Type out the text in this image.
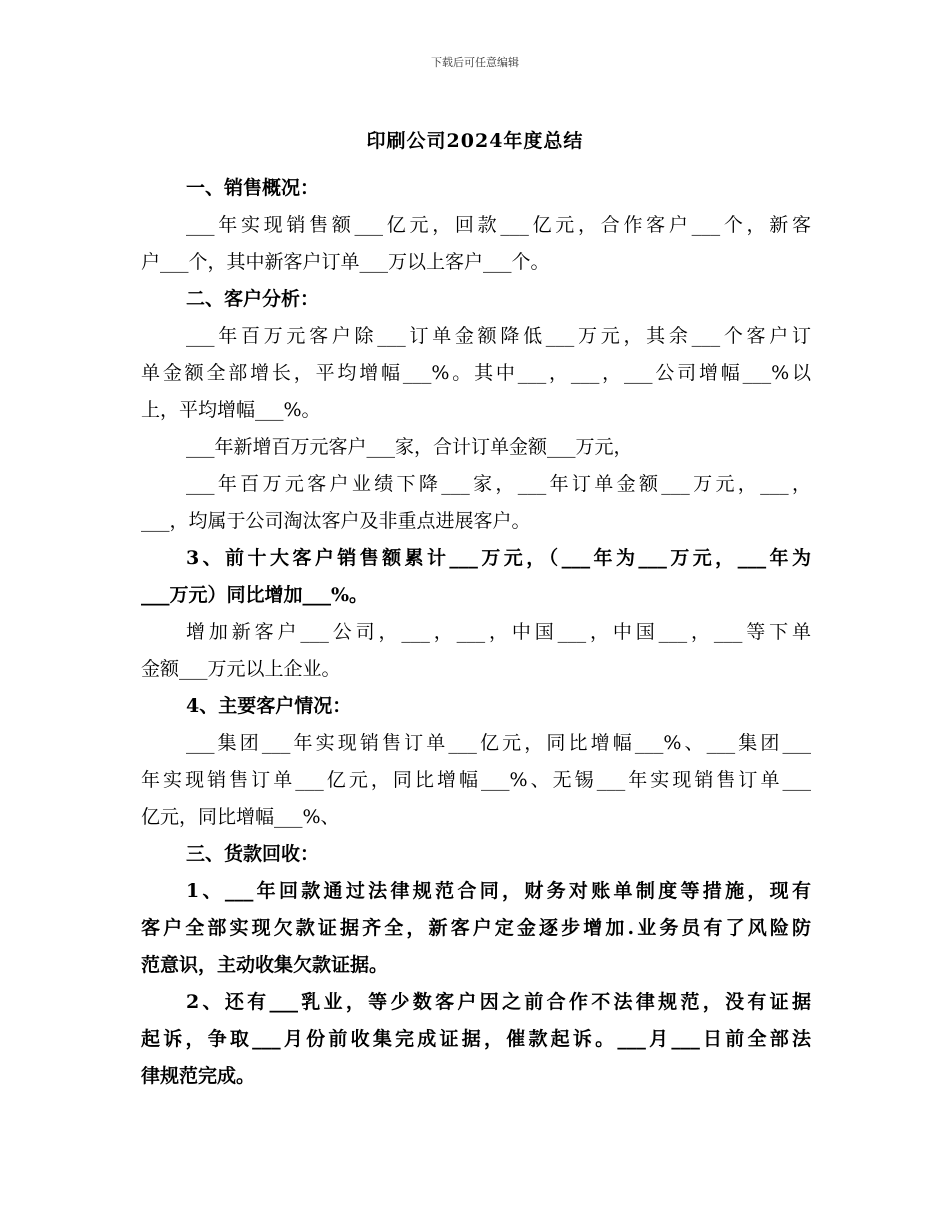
下载后可任意编辑
印刷公司2024年度总结
一、销售概况：
___年实现销售额___亿元，回款___亿元，合作客户___个，新客
户___个，其中新客户订单___万以上客户___个。
二、客户分析：
___年百万元客户除___订单金额降低___万元，其余___个客户订
单金额全部增长，平均增幅___%。其中___，___，___公司增幅___%以
上，平均增幅___%。
___年新增百万元客户___家，合计订单金额___万元，
___年百万元客户业绩下降___家，___年订单金额___万元，___，
___，均属于公司淘汰客户及非重点进展客户。
3、前十大客户销售额累计___万元，（___年为___万元，___年为
___万元）同比增加___%。
增加新客户___公司，___，___，中国___，中国___，___等下单
金额___万元以上企业。
4、主要客户情况：
___集团___年实现销售订单___亿元，同比增幅___%、___集团___
年实现销售订单___亿元，同比增幅___%、无锡___年实现销售订单___
亿元，同比增幅___%、
三、货款回收：
1、___年回款通过法律规范合同，财务对账单制度等措施，现有
客户全部实现欠款证据齐全，新客户定金逐步增加.业务员有了风险防
范意识，主动收集欠款证据。
2、还有___乳业，等少数客户因之前合作不法律规范，没有证据
起诉，争取___月份前收集完成证据，催款起诉。___月___日前全部法
律规范完成。
